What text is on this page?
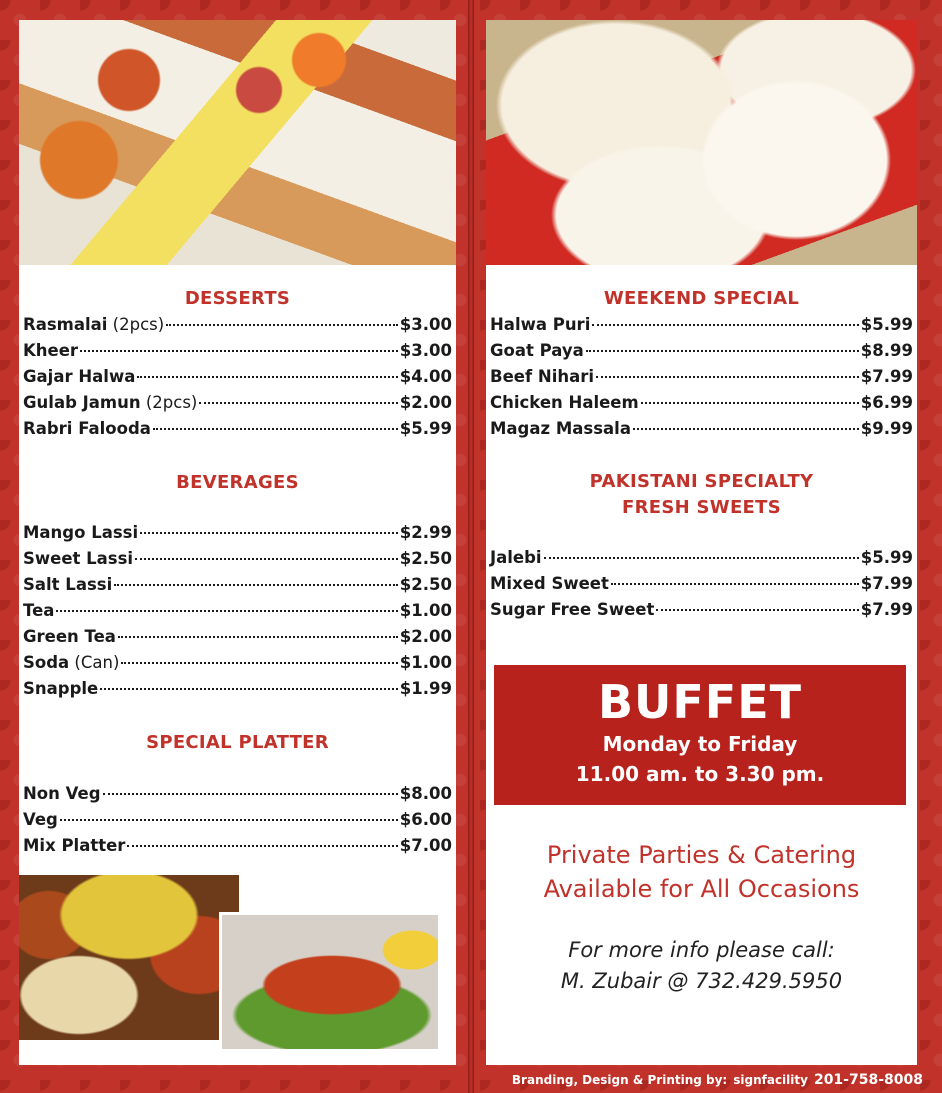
DESSERTS
Rasmalai (2pcs)	$3.00
Kheer	$3.00
Gajar Halwa	$4.00
Gulab Jamun (2pcs)	$2.00
Rabri Falooda	$5.99
BEVERAGES
Mango Lassi	$2.99
Sweet Lassi	$2.50
Salt Lassi	$2.50
Tea	$1.00
Green Tea	$2.00
Soda (Can)	$1.00
Snapple	$1.99
SPECIAL PLATTER
Non Veg	$8.00
Veg	$6.00
Mix Platter	$7.00
WEEKEND SPECIAL
Halwa Puri	$5.99
Goat Paya	$8.99
Beef Nihari	$7.99
Chicken Haleem	$6.99
Magaz Massala	$9.99
PAKISTANI SPECIALTY
FRESH SWEETS
Jalebi	$5.99
Mixed Sweet	$7.99
Sugar Free Sweet	$7.99
BUFFET
Monday to Friday
11.00 am. to 3.30 pm.
Private Parties & Catering
Available for All Occasions
For more info please call:
M. Zubair @ 732.429.5950
Branding, Design & Printing by: signfacility 201-758-8008
